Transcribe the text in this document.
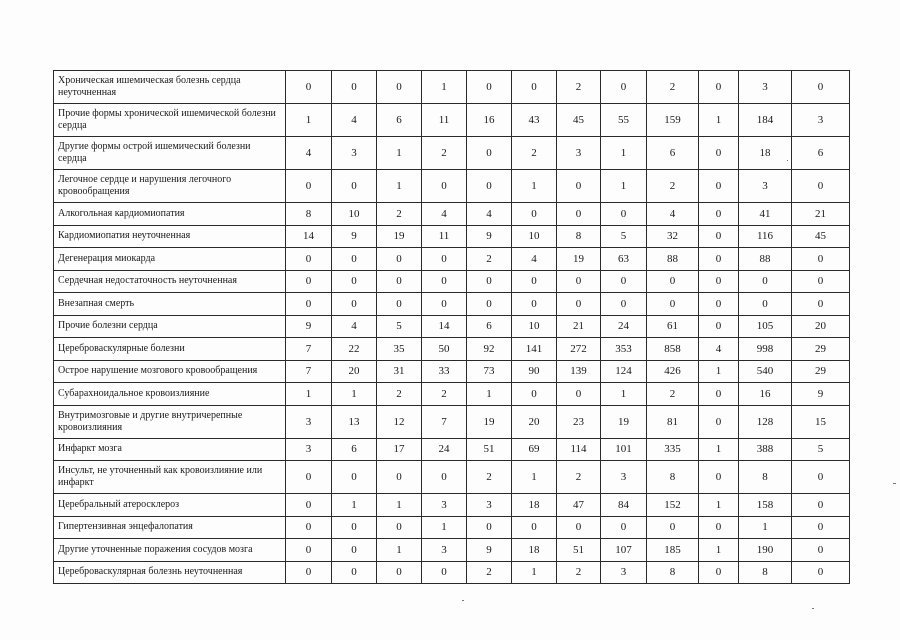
Хроническая ишемическая болезнь сердца неуточненная	0	0	0	1	0	0	2	0	2	0	3	0
Прочие формы хронической ишемической болезни сердца	1	4	6	11	16	43	45	55	159	1	184	3
Другие формы острой ишемический болезни сердца	4	3	1	2	0	2	3	1	6	0	18	6
Легочное сердце и нарушения легочного кровообращения	0	0	1	0	0	1	0	1	2	0	3	0
Алкогольная кардиомиопатия	8	10	2	4	4	0	0	0	4	0	41	21
Кардиомиопатия неуточненная	14	9	19	11	9	10	8	5	32	0	116	45
Дегенерация миокарда	0	0	0	0	2	4	19	63	88	0	88	0
Сердечная недостаточность неуточненная	0	0	0	0	0	0	0	0	0	0	0	0
Внезапная смерть	0	0	0	0	0	0	0	0	0	0	0	0
Прочие болезни сердца	9	4	5	14	6	10	21	24	61	0	105	20
Цереброваскулярные болезни	7	22	35	50	92	141	272	353	858	4	998	29
Острое нарушение мозгового кровообращения	7	20	31	33	73	90	139	124	426	1	540	29
Субарахноидальное кровоизлияние	1	1	2	2	1	0	0	1	2	0	16	9
Внутримозговые и другие внутричерепные кровоизлияния	3	13	12	7	19	20	23	19	81	0	128	15
Инфаркт мозга	3	6	17	24	51	69	114	101	335	1	388	5
Инсульт, не уточненный как кровоизлияние или инфаркт	0	0	0	0	2	1	2	3	8	0	8	0
Церебральный атеросклероз	0	1	1	3	3	18	47	84	152	1	158	0
Гипертензивная энцефалопатия	0	0	0	1	0	0	0	0	0	0	1	0
Другие уточненные поражения сосудов мозга	0	0	1	3	9	18	51	107	185	1	190	0
Цереброваскулярная болезнь неуточненная	0	0	0	0	2	1	2	3	8	0	8	0
